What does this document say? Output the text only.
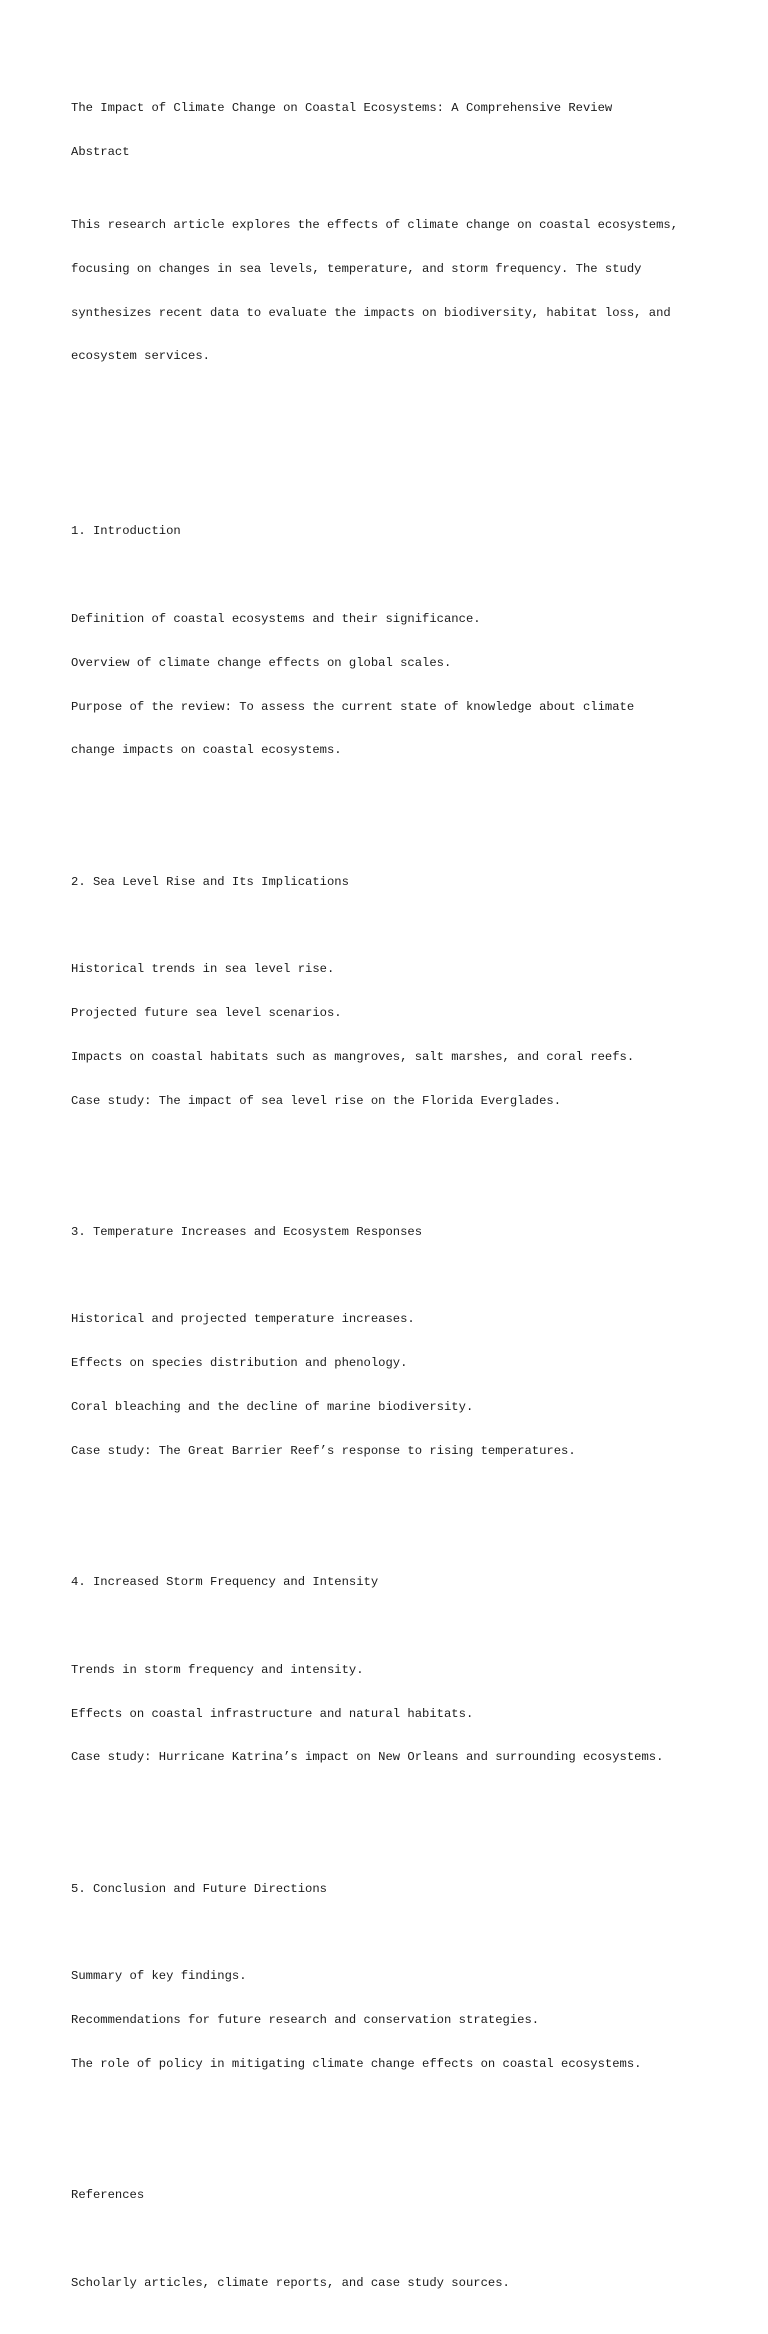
The Impact of Climate Change on Coastal Ecosystems: A Comprehensive Review

Abstract

This research article explores the effects of climate change on coastal ecosystems,

focusing on changes in sea levels, temperature, and storm frequency. The study

synthesizes recent data to evaluate the impacts on biodiversity, habitat loss, and

ecosystem services.

1. Introduction

Definition of coastal ecosystems and their significance.

Overview of climate change effects on global scales.

Purpose of the review: To assess the current state of knowledge about climate

change impacts on coastal ecosystems.

2. Sea Level Rise and Its Implications

Historical trends in sea level rise.

Projected future sea level scenarios.

Impacts on coastal habitats such as mangroves, salt marshes, and coral reefs.

Case study: The impact of sea level rise on the Florida Everglades.

3. Temperature Increases and Ecosystem Responses

Historical and projected temperature increases.

Effects on species distribution and phenology.

Coral bleaching and the decline of marine biodiversity.

Case study: The Great Barrier Reef’s response to rising temperatures.

4. Increased Storm Frequency and Intensity

Trends in storm frequency and intensity.

Effects on coastal infrastructure and natural habitats.

Case study: Hurricane Katrina’s impact on New Orleans and surrounding ecosystems.

5. Conclusion and Future Directions

Summary of key findings.

Recommendations for future research and conservation strategies.

The role of policy in mitigating climate change effects on coastal ecosystems.

References

Scholarly articles, climate reports, and case study sources.
